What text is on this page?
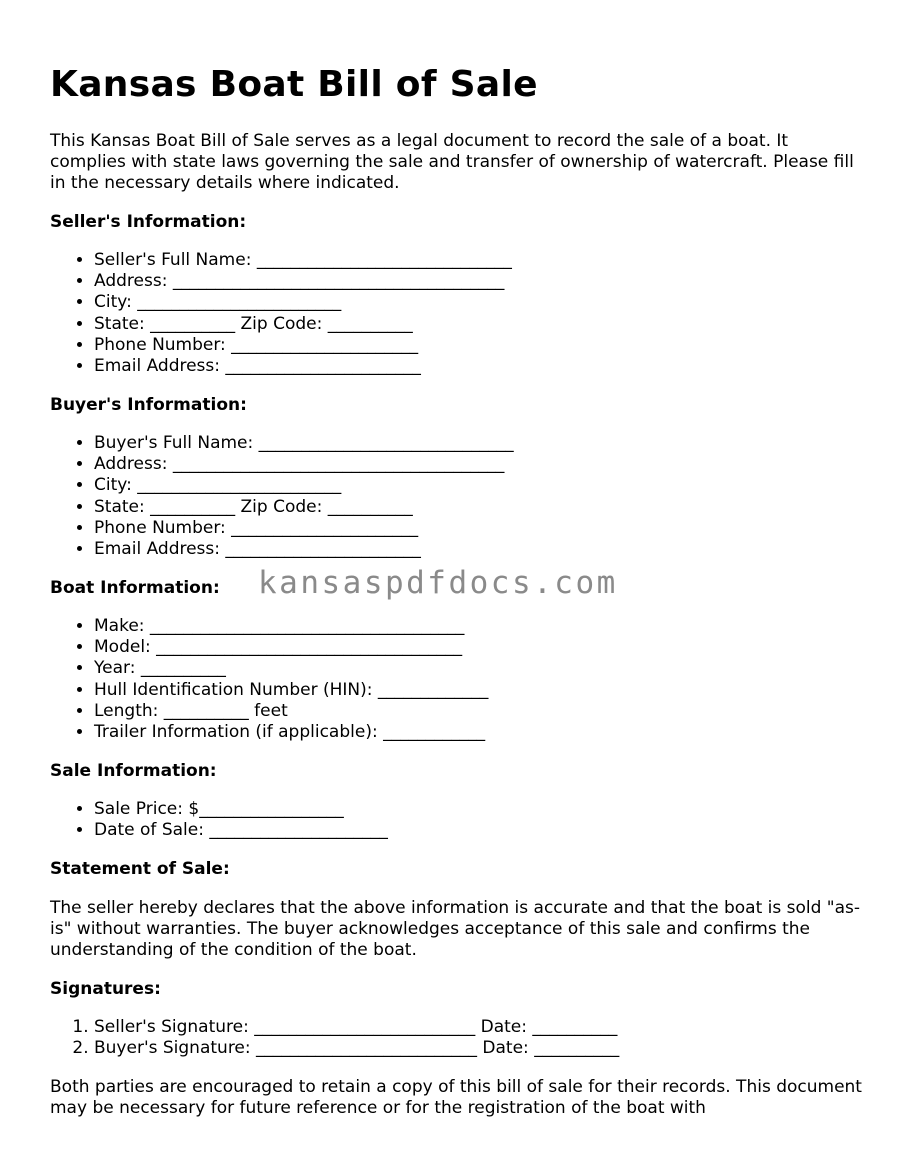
Kansas Boat Bill of Sale

This Kansas Boat Bill of Sale serves as a legal document to record the sale of a boat. It complies with state laws governing the sale and transfer of ownership of watercraft. Please fill in the necessary details where indicated.

Seller's Information:

• Seller's Full Name: ______________________________
• Address: _______________________________________
• City: ________________________
• State: __________ Zip Code: __________
• Phone Number: ______________________
• Email Address: _______________________

Buyer's Information:

• Buyer's Full Name: ______________________________
• Address: _______________________________________
• City: ________________________
• State: __________ Zip Code: __________
• Phone Number: ______________________
• Email Address: _______________________

Boat Information:

• Make: _____________________________________
• Model: ____________________________________
• Year: __________
• Hull Identification Number (HIN): _____________
• Length: __________ feet
• Trailer Information (if applicable): ____________

Sale Information:

• Sale Price: $_________________
• Date of Sale: _____________________

Statement of Sale:

The seller hereby declares that the above information is accurate and that the boat is sold "as-is" without warranties. The buyer acknowledges acceptance of this sale and confirms the understanding of the condition of the boat.

Signatures:

1. Seller's Signature: __________________________ Date: __________
2. Buyer's Signature: __________________________ Date: __________

Both parties are encouraged to retain a copy of this bill of sale for their records. This document may be necessary for future reference or for the registration of the boat with

kansaspdfdocs.com
